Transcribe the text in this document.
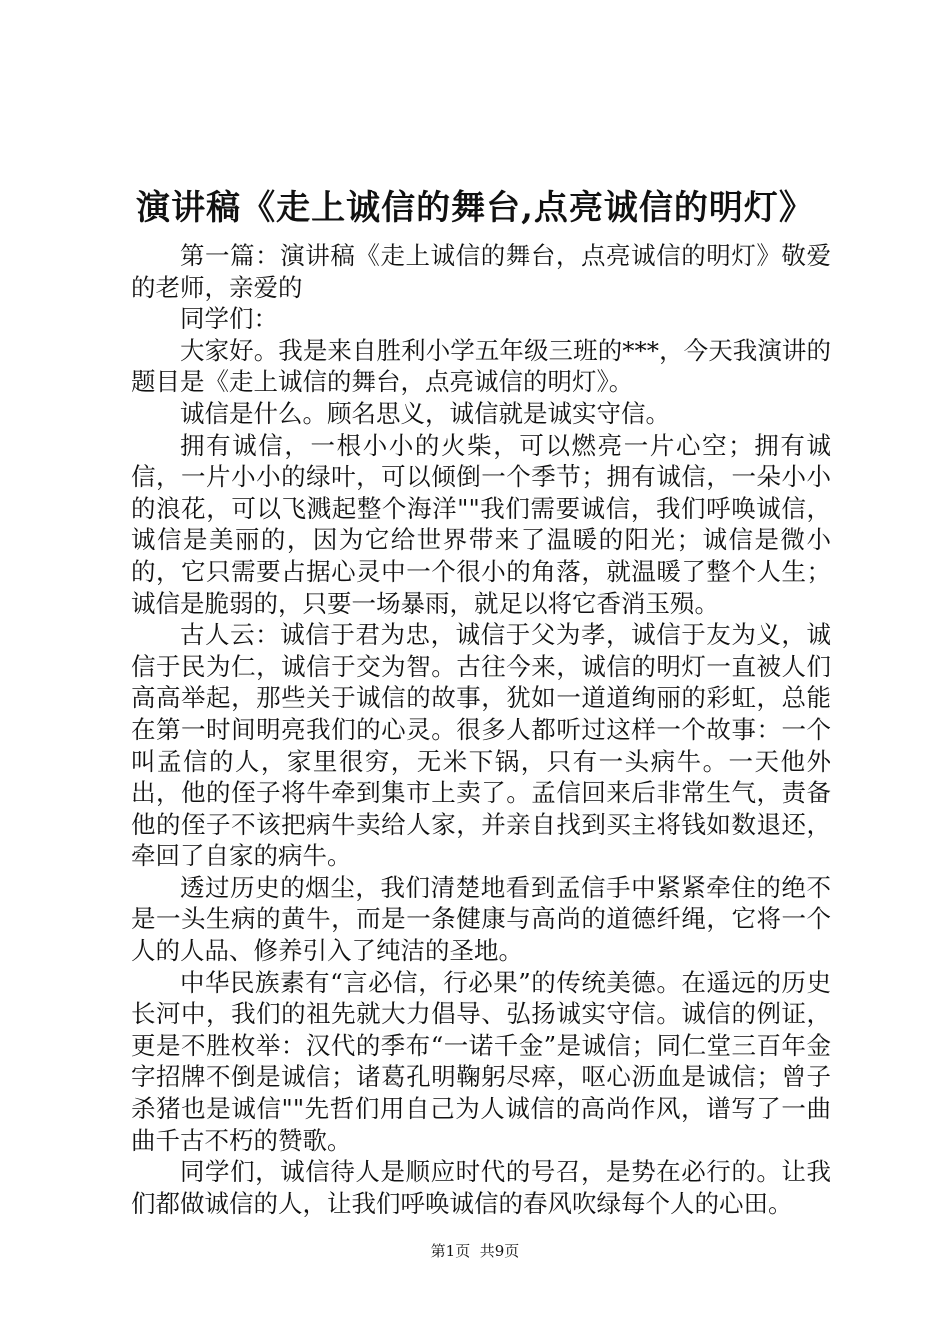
演讲稿《走上诚信的舞台,点亮诚信的明灯》

第一篇：演讲稿《走上诚信的舞台，点亮诚信的明灯》敬爱的老师，亲爱的

同学们：

大家好。我是来自胜利小学五年级三班的***，今天我演讲的题目是《走上诚信的舞台，点亮诚信的明灯》。

诚信是什么。顾名思义，诚信就是诚实守信。

拥有诚信，一根小小的火柴，可以燃亮一片心空；拥有诚信，一片小小的绿叶，可以倾倒一个季节；拥有诚信，一朵小小的浪花，可以飞溅起整个海洋""我们需要诚信，我们呼唤诚信，诚信是美丽的，因为它给世界带来了温暖的阳光；诚信是微小的，它只需要占据心灵中一个很小的角落，就温暖了整个人生；诚信是脆弱的，只要一场暴雨，就足以将它香消玉殒。

古人云：诚信于君为忠，诚信于父为孝，诚信于友为义，诚信于民为仁，诚信于交为智。古往今来，诚信的明灯一直被人们高高举起，那些关于诚信的故事，犹如一道道绚丽的彩虹，总能在第一时间明亮我们的心灵。很多人都听过这样一个故事：一个叫孟信的人，家里很穷，无米下锅，只有一头病牛。一天他外出，他的侄子将牛牵到集市上卖了。孟信回来后非常生气，责备他的侄子不该把病牛卖给人家，并亲自找到买主将钱如数退还，牵回了自家的病牛。

透过历史的烟尘，我们清楚地看到孟信手中紧紧牵住的绝不是一头生病的黄牛，而是一条健康与高尚的道德纤绳，它将一个人的人品、修养引入了纯洁的圣地。

中华民族素有“言必信，行必果”的传统美德。在遥远的历史长河中，我们的祖先就大力倡导、弘扬诚实守信。诚信的例证，更是不胜枚举：汉代的季布“一诺千金”是诚信；同仁堂三百年金字招牌不倒是诚信；诸葛孔明鞠躬尽瘁，呕心沥血是诚信；曾子杀猪也是诚信""先哲们用自己为人诚信的高尚作风，谱写了一曲曲千古不朽的赞歌。

同学们，诚信待人是顺应时代的号召，是势在必行的。让我们都做诚信的人，让我们呼唤诚信的春风吹绿每个人的心田。

第1页 共9页
